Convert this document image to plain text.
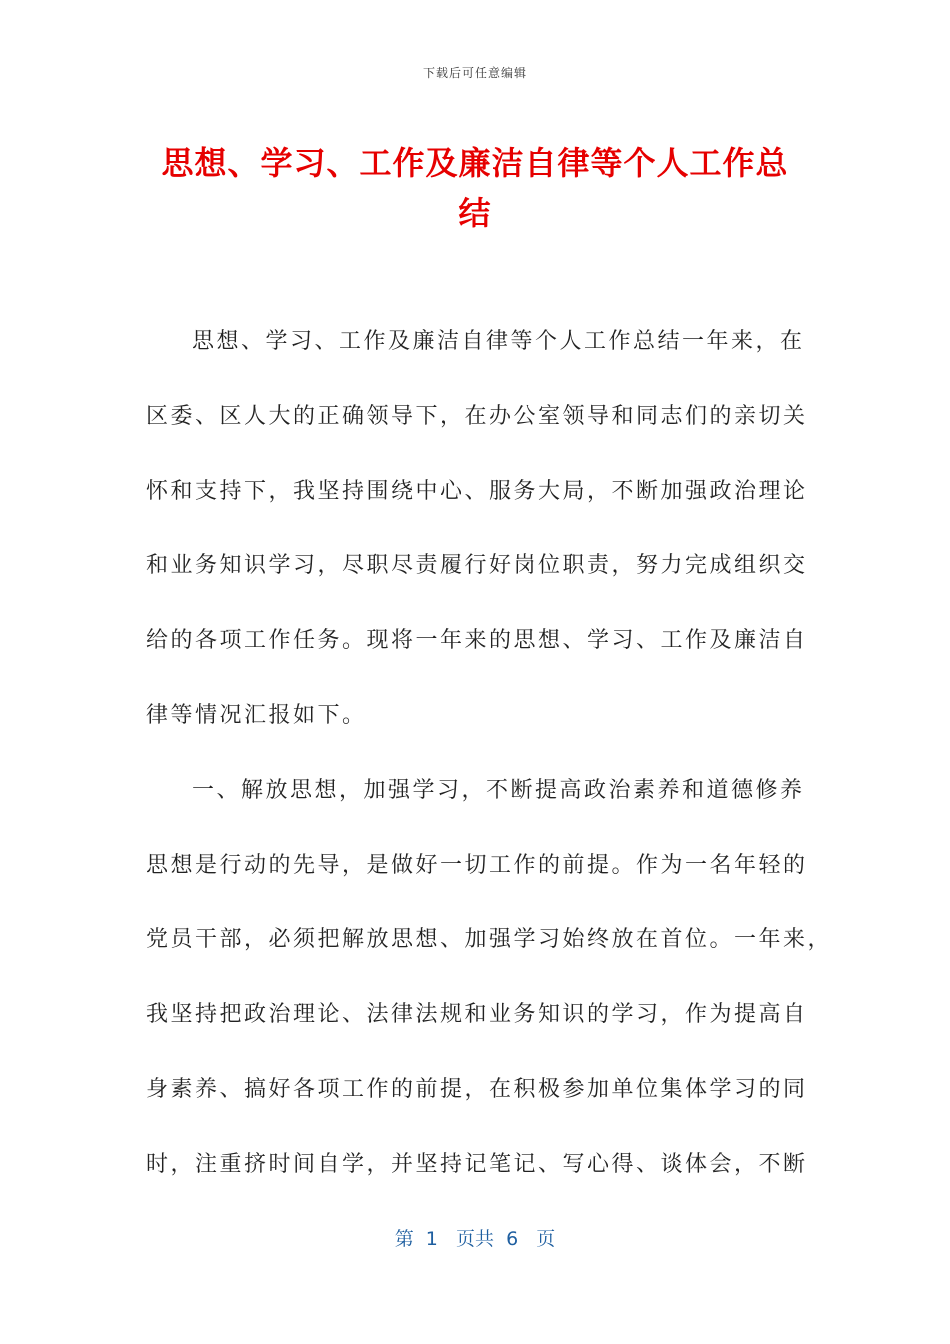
下载后可任意编辑
思想、学习、工作及廉洁自律等个人工作总
结
思想、学习、工作及廉洁自律等个人工作总结一年来，在
区委、区人大的正确领导下，在办公室领导和同志们的亲切关
怀和支持下，我坚持围绕中心、服务大局，不断加强政治理论
和业务知识学习，尽职尽责履行好岗位职责，努力完成组织交
给的各项工作任务。现将一年来的思想、学习、工作及廉洁自
律等情况汇报如下。
一、解放思想，加强学习，不断提高政治素养和道德修养
思想是行动的先导，是做好一切工作的前提。作为一名年轻的
党员干部，必须把解放思想、加强学习始终放在首位。一年来，
我坚持把政治理论、法律法规和业务知识的学习，作为提高自
身素养、搞好各项工作的前提，在积极参加单位集体学习的同
时，注重挤时间自学，并坚持记笔记、写心得、谈体会，不断
第  1   页共  6   页
